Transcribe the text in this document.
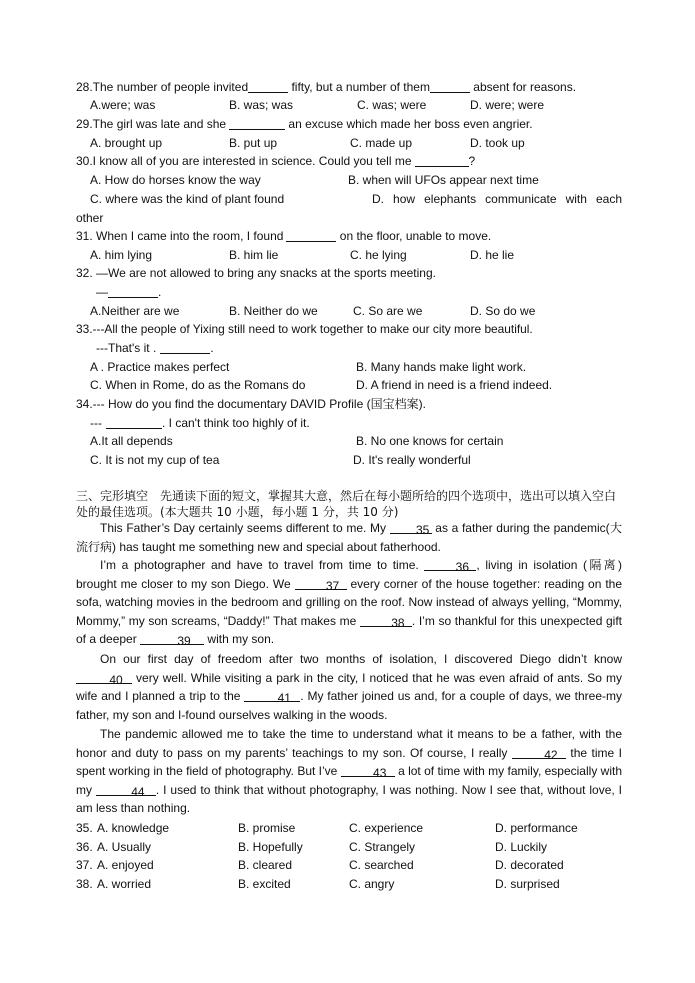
28.The number of people invited	fifty, but a number of them	absent for reasons.
A.were; was	B. was; was	C. was; were	D. were; were
29.The girl was late and she	an excuse which made her boss even angrier.
A. brought up	B. put up	C. made up	D. took up
30.I know all of you are interested in science. Could you tell me	?
A. How do horses know the way	B. when will UFOs appear next time
C. where was the kind of plant found	D. how elephants communicate with each other
31. When I came into the room, I found	on the floor, unable to move.
A. him lying	B. him lie	C. he lying	D. he lie
32. —We are not allowed to bring any snacks at the sports meeting.
—	.
A.Neither are we	B. Neither do we	C. So are we	D. So do we
33.---All the people of Yixing still need to work together to make our city more beautiful.
---That's it .	.
A . Practice makes perfect	B. Many hands make light work.
C. When in Rome, do as the Romans do	D. A friend in need is a friend indeed.
34.--- How do you find the documentary DAVID Profile (国宝档案).
---	. I can't think too highly of it.
A.It all depends	B. No one knows for certain
C. It is not my cup of tea	D. It's really wonderful
三、完形填空　先通读下面的短文，掌握其大意，然后在每小题所给的四个选项中，选出可以填入空白处的最佳选项。(本大题共 10 小题，每小题 1 分，共 10 分)
This Father’s Day certainly seems different to me. My 35 as a father during the pandemic(大流行病) has taught me something new and special about fatherhood.
I’m a photographer and have to travel from time to time.	36 , living in isolation (隔离) brought me closer to my son Diego. We	37 every corner of the house together: reading on the sofa, watching movies in the bedroom and grilling on the roof. Now instead of always yelling, “Mommy, Mommy,” my son screams, “Daddy!” That makes me	38 . I’m so thankful for this unexpected gift of a deeper	39 with my son.
On our first day of freedom after two months of isolation, I discovered Diego didn’t know 40 very well. While visiting a park in the city, I noticed that he was even afraid of ants. So my wife and I planned a trip to the	41 . My father joined us and, for a couple of days, we three-my father, my son and I-found ourselves walking in the woods.
The pandemic allowed me to take the time to understand what it means to be a father, with the honor and duty to pass on my parents’ teachings to my son. Of course, I really	42 the time I spent working in the field of photography. But I’ve	43 a lot of time with my family, especially with my	44 . I used to think that without photography, I was nothing. Now I see that, without love, I am less than nothing.
35. A. knowledge	B. promise	C. experience	D. performance
36. A. Usually	B. Hopefully	C. Strangely	D. Luckily
37. A. enjoyed	B. cleared	C. searched	D. decorated
38. A. worried	B. excited	C. angry	D. surprised
